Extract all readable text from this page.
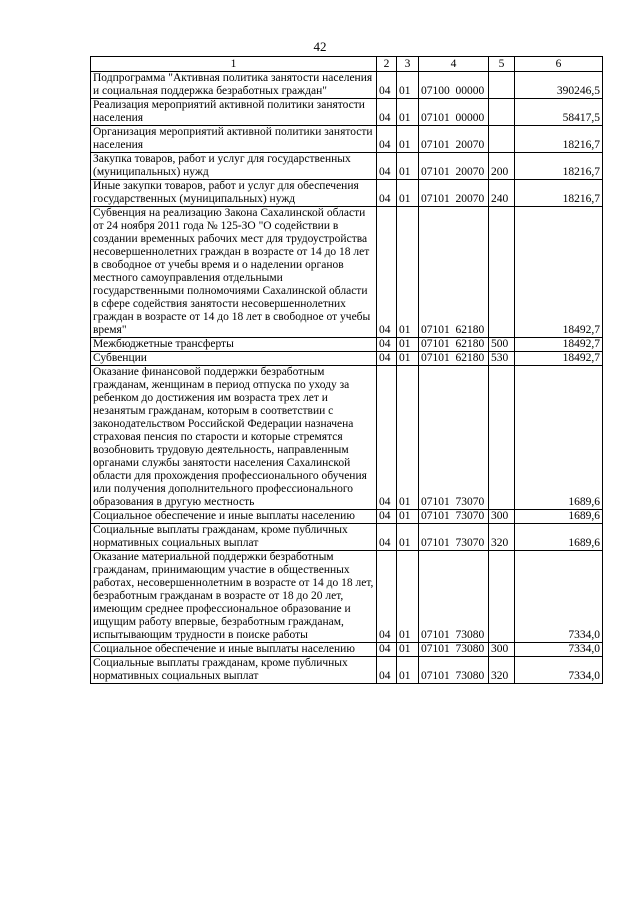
42
1	2	3	4	5	6
Подпрограмма "Активная политика занятости населения и социальная поддержка безработных граждан"	04	01	07100  00000		390246,5
Реализация мероприятий активной политики занятости населения	04	01	07101  00000		58417,5
Организация мероприятий активной политики занятости населения	04	01	07101  20070		18216,7
Закупка товаров, работ и услуг для государственных (муниципальных) нужд	04	01	07101  20070	200	18216,7
Иные закупки товаров, работ и услуг для обеспечения государственных (муниципальных) нужд	04	01	07101  20070	240	18216,7
Субвенция на реализацию Закона Сахалинской области от 24 ноября 2011 года № 125-ЗО "О содействии в создании временных рабочих мест для трудоустройства несовершеннолетних граждан в возрасте от 14 до 18 лет в свободное от учебы время и о наделении органов местного самоуправления отдельными государственными полномочиями Сахалинской области в сфере содействия занятости несовершеннолетних граждан в возрасте от 14 до 18 лет в свободное от учебы время"	04	01	07101  62180		18492,7
Межбюджетные трансферты	04	01	07101  62180	500	18492,7
Субвенции	04	01	07101  62180	530	18492,7
Оказание финансовой поддержки безработным гражданам, женщинам в период отпуска по уходу за ребенком до достижения им возраста трех лет и незанятым гражданам, которым в соответствии с законодательством Российской Федерации назначена страховая пенсия по старости и которые стремятся возобновить трудовую деятельность, направленным органами службы занятости населения Сахалинской области для прохождения профессионального обучения или получения дополнительного профессионального образования в другую местность	04	01	07101  73070		1689,6
Социальное обеспечение и иные выплаты населению	04	01	07101  73070	300	1689,6
Социальные выплаты гражданам, кроме публичных нормативных социальных выплат	04	01	07101  73070	320	1689,6
Оказание материальной поддержки безработным гражданам, принимающим участие в общественных работах, несовершеннолетним в возрасте от 14 до 18 лет, безработным гражданам в возрасте от 18 до 20 лет, имеющим среднее профессиональное образование и ищущим работу впервые, безработным гражданам, испытывающим трудности в поиске работы	04	01	07101  73080		7334,0
Социальное обеспечение и иные выплаты населению	04	01	07101  73080	300	7334,0
Социальные выплаты гражданам, кроме публичных нормативных социальных выплат	04	01	07101  73080	320	7334,0
